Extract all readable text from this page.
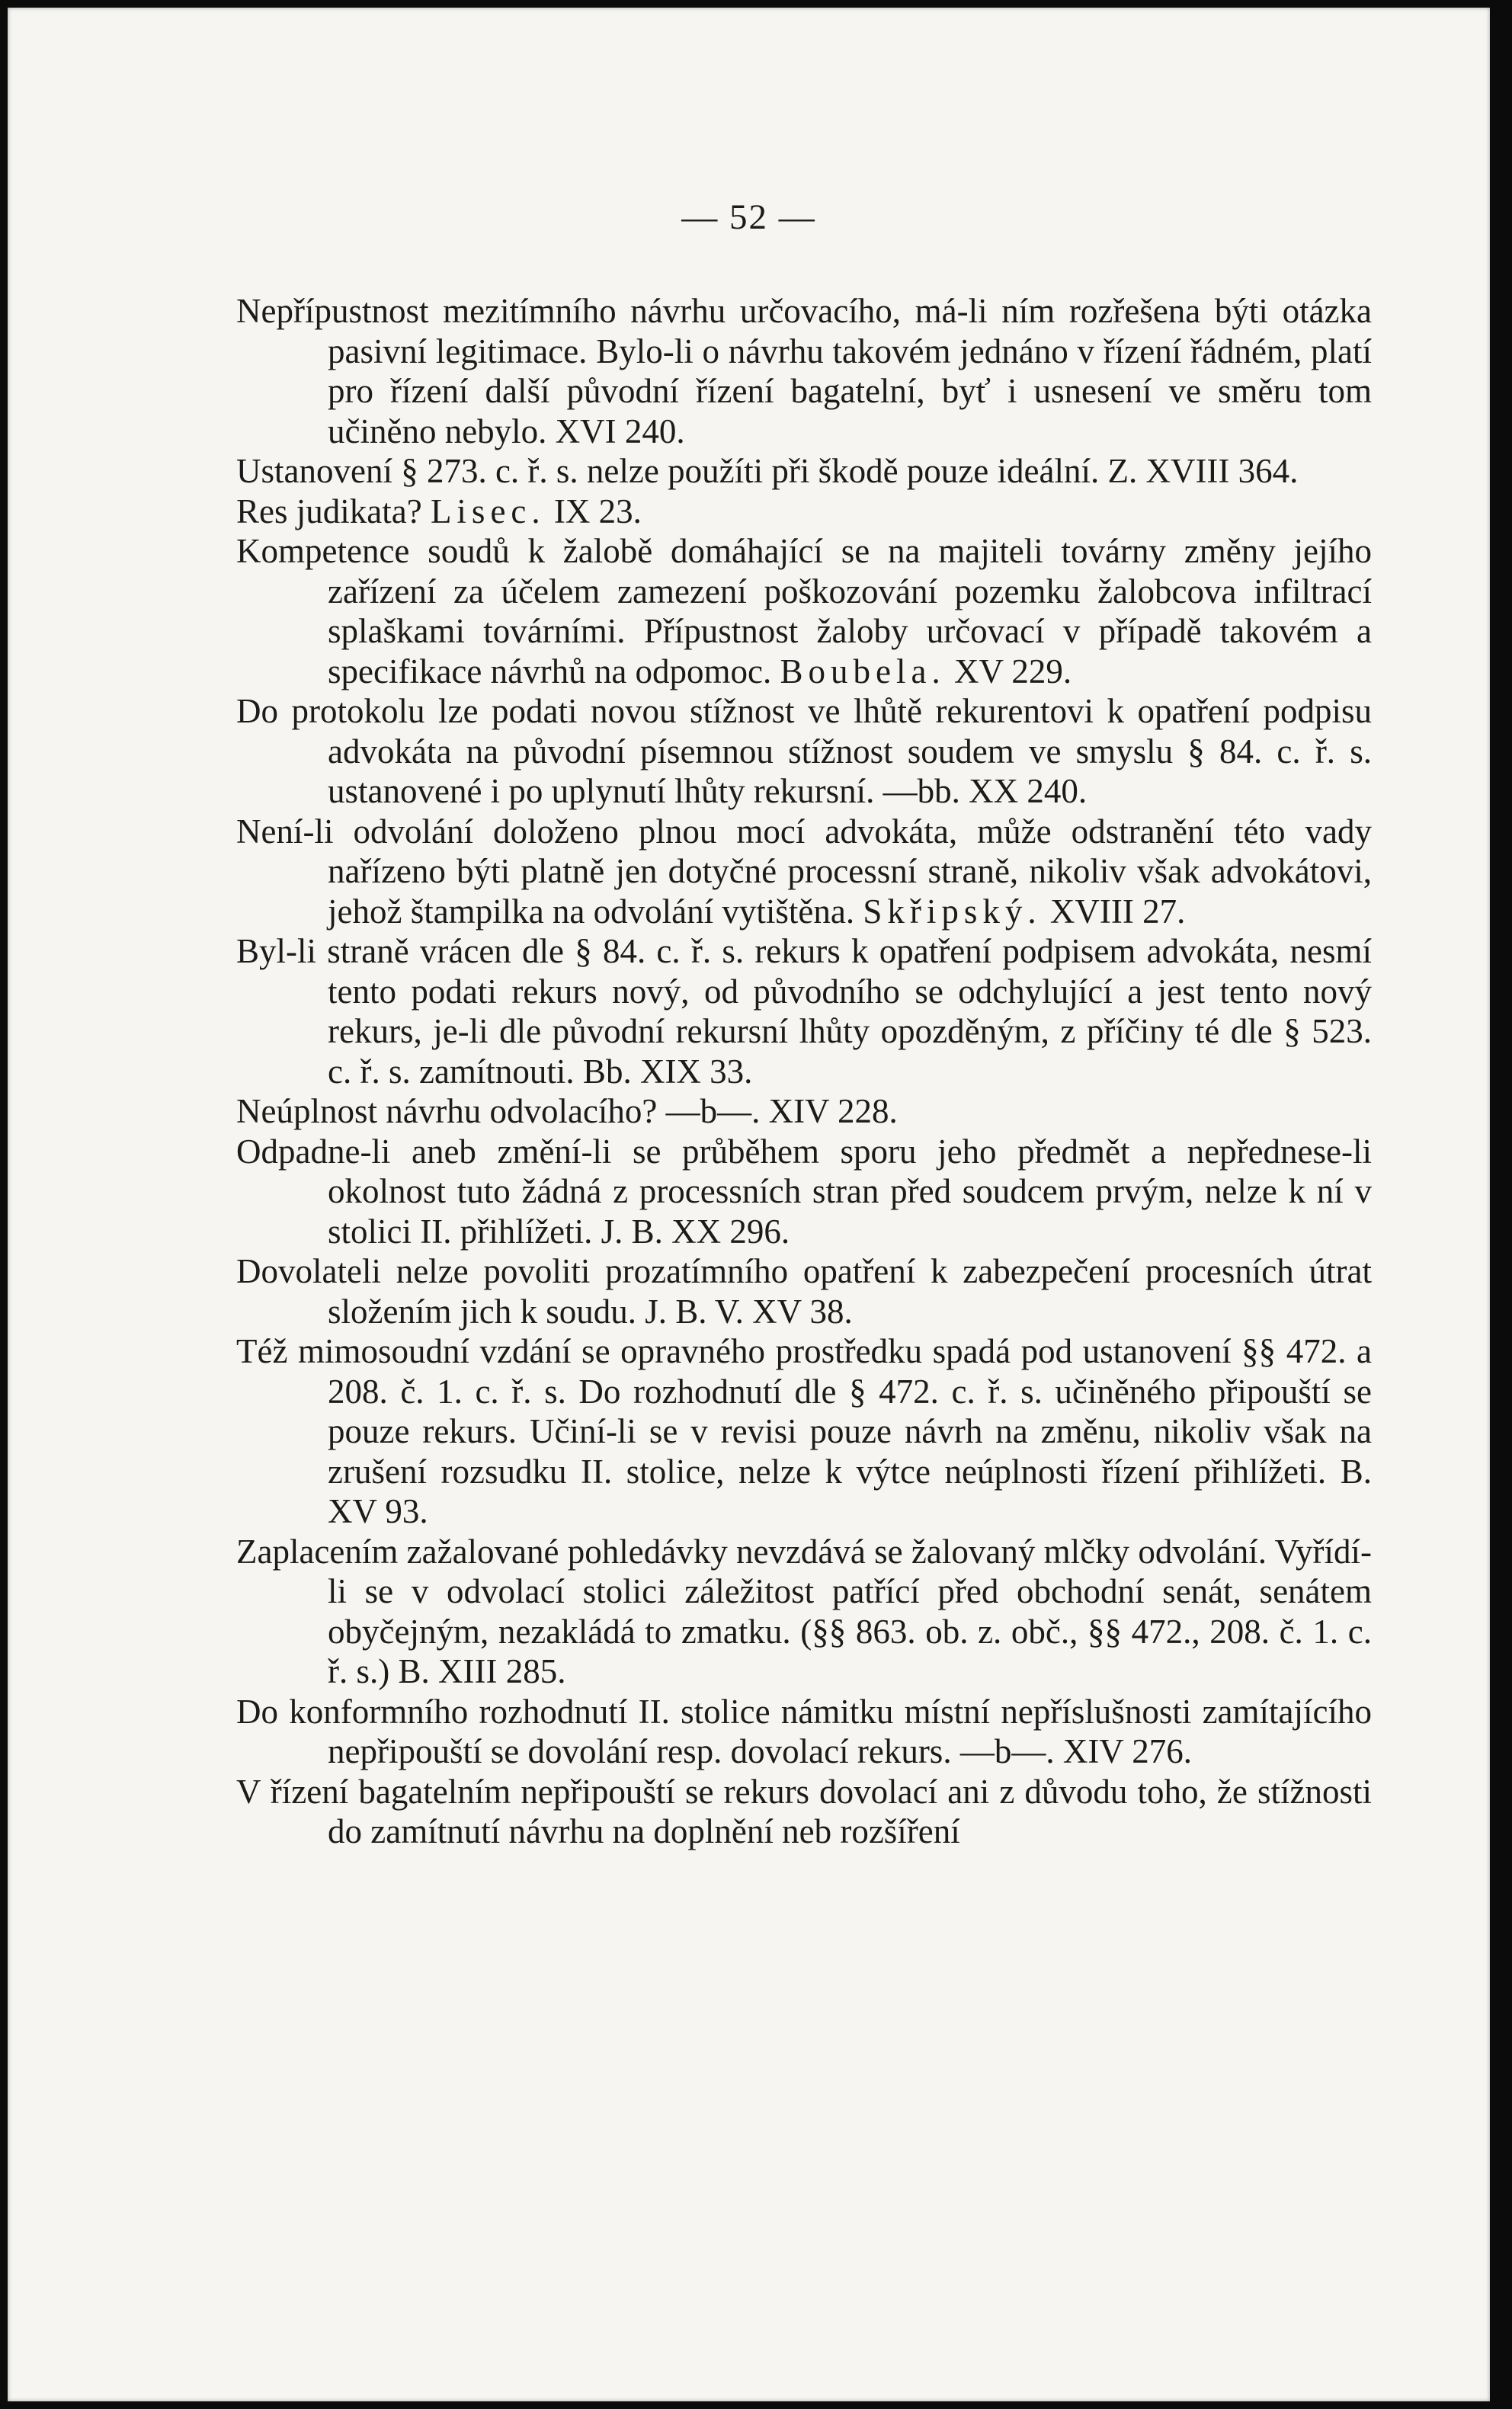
— 52 —

Nepřípustnost mezitímního návrhu určovacího, má-li ním rozřešena býti otázka pasivní legitimace. Bylo-li o návrhu takovém jednáno v řízení řádném, platí pro řízení další původní řízení bagatelní, byť i usnesení ve směru tom učiněno nebylo. XVI 240.

Ustanovení § 273. c. ř. s. nelze použíti při škodě pouze ideální. Z. XVIII 364.

Res judikata? Lisec. IX 23.

Kompetence soudů k žalobě domáhající se na majiteli továrny změny jejího zařízení za účelem zamezení poškozování pozemku žalobcova infiltrací splaškami továrními. Přípustnost žaloby určovací v případě takovém a specifikace návrhů na odpomoc. Boubela. XV 229.

Do protokolu lze podati novou stížnost ve lhůtě rekurentovi k opatření podpisu advokáta na původní písemnou stížnost soudem ve smyslu § 84. c. ř. s. ustanovené i po uplynutí lhůty rekursní. —bb. XX 240.

Není-li odvolání doloženo plnou mocí advokáta, může odstranění této vady nařízeno býti platně jen dotyčné processní straně, nikoliv však advokátovi, jehož štampilka na odvolání vytištěna. Skřipský. XVIII 27.

Byl-li straně vrácen dle § 84. c. ř. s. rekurs k opatření podpisem advokáta, nesmí tento podati rekurs nový, od původního se odchylující a jest tento nový rekurs, je-li dle původní rekursní lhůty opozděným, z příčiny té dle § 523. c. ř. s. zamítnouti. Bb. XIX 33.

Neúplnost návrhu odvolacího? —b—. XIV 228.

Odpadne-li aneb změní-li se průběhem sporu jeho předmět a nepřednese-li okolnost tuto žádná z processních stran před soudcem prvým, nelze k ní v stolici II. přihlížeti. J. B. XX 296.

Dovolateli nelze povoliti prozatímního opatření k zabezpečení procesních útrat složením jich k soudu. J. B. V. XV 38.

Též mimosoudní vzdání se opravného prostředku spadá pod ustanovení §§ 472. a 208. č. 1. c. ř. s. Do rozhodnutí dle § 472. c. ř. s. učiněného připouští se pouze rekurs. Učiní-li se v revisi pouze návrh na změnu, nikoliv však na zrušení rozsudku II. stolice, nelze k výtce neúplnosti řízení přihlížeti. B. XV 93.

Zaplacením zažalované pohledávky nevzdává se žalovaný mlčky odvolání. Vyřídí-li se v odvolací stolici záležitost patřící před obchodní senát, senátem obyčejným, nezakládá to zmatku. (§§ 863. ob. z. obč., §§ 472., 208. č. 1. c. ř. s.) B. XIII 285.

Do konformního rozhodnutí II. stolice námitku místní nepříslušnosti zamítajícího nepřipouští se dovolání resp. dovolací rekurs. —b—. XIV 276.

V řízení bagatelním nepřipouští se rekurs dovolací ani z důvodu toho, že stížnosti do zamítnutí návrhu na doplnění neb rozšíření
